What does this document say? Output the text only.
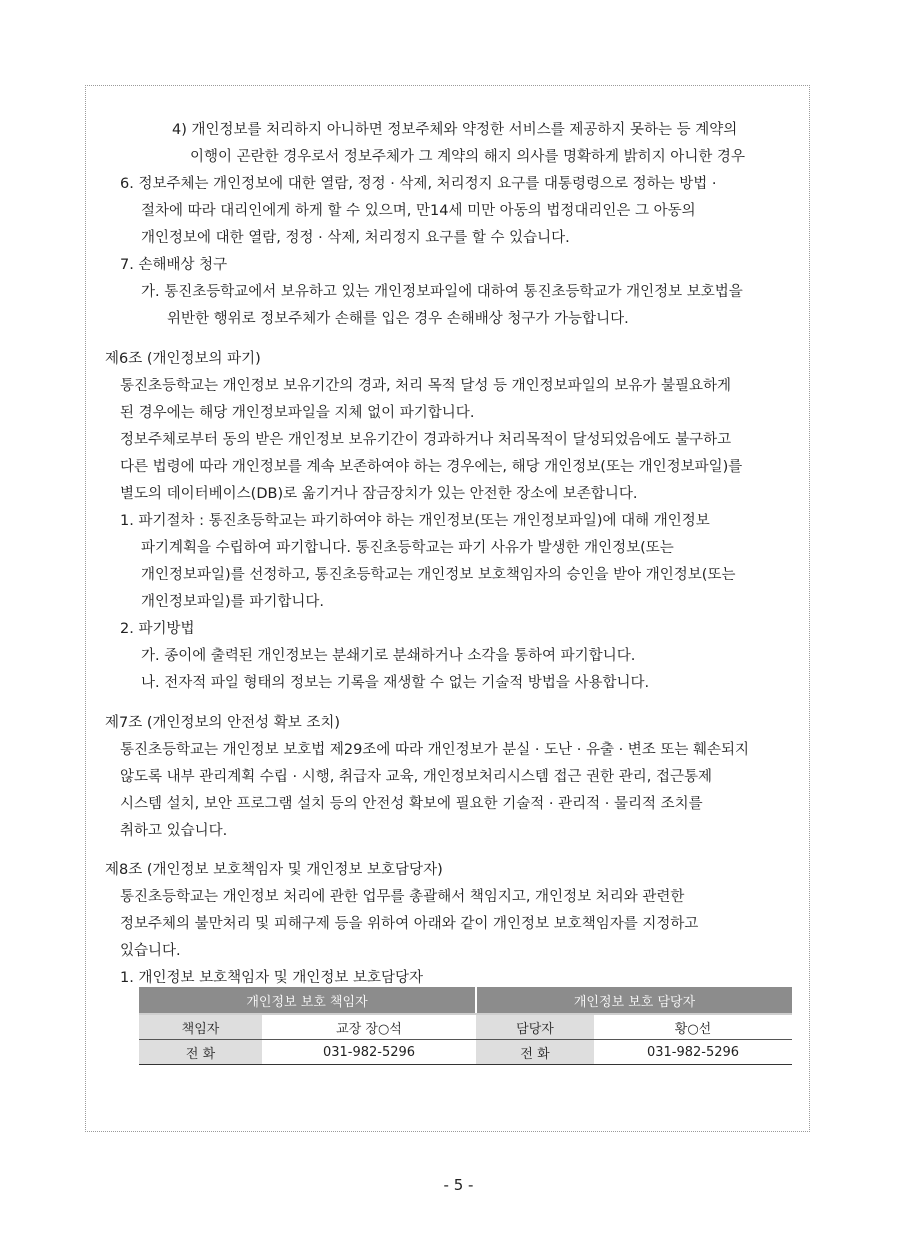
4) 개인정보를 처리하지 아니하면 정보주체와 약정한 서비스를 제공하지 못하는 등 계약의
이행이 곤란한 경우로서 정보주체가 그 계약의 해지 의사를 명확하게 밝히지 아니한 경우
6. 정보주체는 개인정보에 대한 열람, 정정 · 삭제, 처리정지 요구를 대통령령으로 정하는 방법 ·
절차에 따라 대리인에게 하게 할 수 있으며, 만14세 미만 아동의 법정대리인은 그 아동의
개인정보에 대한 열람, 정정 · 삭제, 처리정지 요구를 할 수 있습니다.
7. 손해배상 청구
가. 통진초등학교에서 보유하고 있는 개인정보파일에 대하여 통진초등학교가 개인정보 보호법을
위반한 행위로 정보주체가 손해를 입은 경우 손해배상 청구가 가능합니다.
제6조 (개인정보의 파기)
통진초등학교는 개인정보 보유기간의 경과, 처리 목적 달성 등 개인정보파일의 보유가 불필요하게
된 경우에는 해당 개인정보파일을 지체 없이 파기합니다.
정보주체로부터 동의 받은 개인정보 보유기간이 경과하거나 처리목적이 달성되었음에도 불구하고
다른 법령에 따라 개인정보를 계속 보존하여야 하는 경우에는, 해당 개인정보(또는 개인정보파일)를
별도의 데이터베이스(DB)로 옮기거나 잠금장치가 있는 안전한 장소에 보존합니다.
1. 파기절차 : 통진초등학교는 파기하여야 하는 개인정보(또는 개인정보파일)에 대해 개인정보
파기계획을 수립하여 파기합니다. 통진초등학교는 파기 사유가 발생한 개인정보(또는
개인정보파일)를 선정하고, 통진초등학교는 개인정보 보호책임자의 승인을 받아 개인정보(또는
개인정보파일)를 파기합니다.
2. 파기방법
가. 종이에 출력된 개인정보는 분쇄기로 분쇄하거나 소각을 통하여 파기합니다.
나. 전자적 파일 형태의 정보는 기록을 재생할 수 없는 기술적 방법을 사용합니다.
제7조 (개인정보의 안전성 확보 조치)
통진초등학교는 개인정보 보호법 제29조에 따라 개인정보가 분실 · 도난 · 유출 · 변조 또는 훼손되지
않도록 내부 관리계획 수립 · 시행, 취급자 교육, 개인정보처리시스템 접근 권한 관리, 접근통제
시스템 설치, 보안 프로그램 설치 등의 안전성 확보에 필요한 기술적 · 관리적 · 물리적 조치를
취하고 있습니다.
제8조 (개인정보 보호책임자 및 개인정보 보호담당자)
통진초등학교는 개인정보 처리에 관한 업무를 총괄해서 책임지고, 개인정보 처리와 관련한
정보주체의 불만처리 및 피해구제 등을 위하여 아래와 같이 개인정보 보호책임자를 지정하고
있습니다.
1. 개인정보 보호책임자 및 개인정보 보호담당자
개인정보 보호 책임자		개인정보 보호 담당자	
책임자	교장 장○석	담당자	황○선
전 화	031-982-5296	전 화	031-982-5296
- 5 -
